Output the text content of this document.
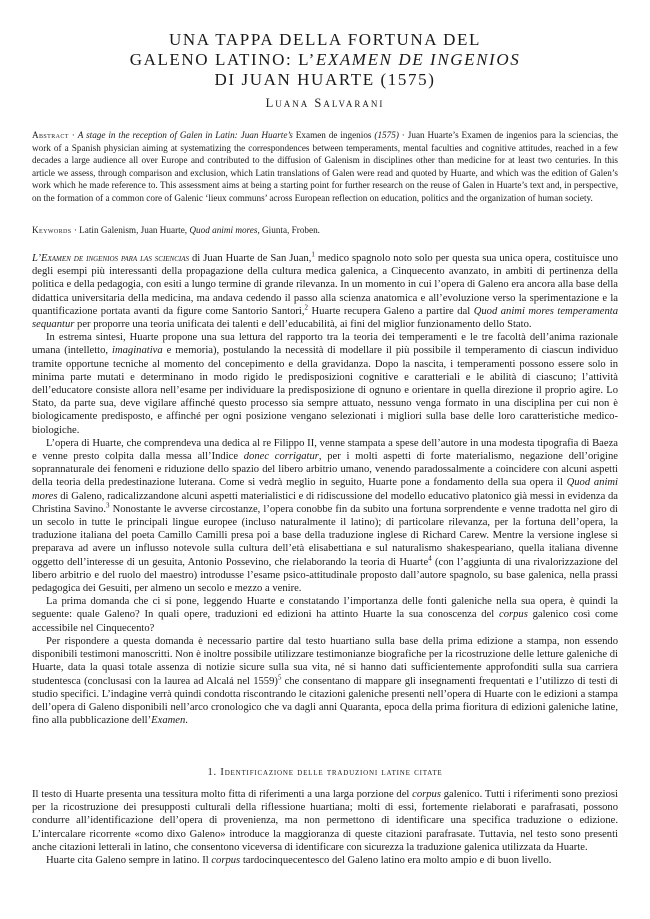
UNA TAPPA DELLA FORTUNA DEL
GALENO LATINO: L’EXAMEN DE INGENIOS
DI JUAN HUARTE (1575)

Luana Salvarani

Abstract · A stage in the reception of Galen in Latin: Juan Huarte’s Examen de ingenios (1575) · Juan Huarte’s Examen de ingenios para la sciencias, the work of a Spanish physician aiming at systematizing the correspondences between temperaments, mental faculties and cognitive attitudes, reached in a few decades a large audience all over Europe and contributed to the diffusion of Galenism in disciplines other than medicine for at least two centuries. In this article we assess, through comparison and exclusion, which Latin translations of Galen were read and quoted by Huarte, and which was the edition of Galen’s work which he made reference to. This assessment aims at being a starting point for further research on the reuse of Galen in Huarte’s text and, in perspective, on the formation of a common core of Galenic ‘lieux communs’ across European reflection on education, politics and the organization of human society.

Keywords · Latin Galenism, Juan Huarte, Quod animi mores, Giunta, Froben.

L’Examen de ingenios para las sciencias di Juan Huarte de San Juan,$^1$ medico spagnolo noto solo per questa sua unica opera, costituisce uno degli esempi più interessanti della propagazione della cultura medica galenica, a Cinquecento avanzato, in ambiti di pertinenza della politica e della pedagogia, con esiti a lungo termine di grande rilevanza. In un momento in cui l’opera di Galeno era ancora alla base della didattica universitaria della medicina, ma andava cedendo il passo alla scienza anatomica e all’evoluzione verso la sperimentazione e la quantificazione portata avanti da figure come Santorio Santori,$^2$ Huarte recupera Galeno a partire dal Quod animi mores temperamenta sequantur per proporre una teoria unificata dei talenti e dell’educabilità, ai fini del miglior funzionamento dello Stato.

In estrema sintesi, Huarte propone una sua lettura del rapporto tra la teoria dei temperamenti e le tre facoltà dell’anima razionale umana (intelletto, imaginativa e memoria), postulando la necessità di modellare il più possibile il temperamento di ciascun individuo tramite opportune tecniche al momento del concepimento e della gravidanza. Dopo la nascita, i temperamenti possono essere solo in minima parte mutati e determinano in modo rigido le predisposizioni cognitive e caratteriali e le abilità di ciascuno; l’attività dell’educatore consiste allora nell’esame per individuare la predisposizione di ognuno e orientare in quella direzione il proprio agire. Lo Stato, da parte sua, deve vigilare affinché questo processo sia sempre attuato, nessuno venga formato in una disciplina per cui non è biologicamente predisposto, e affinché per ogni posizione vengano selezionati i migliori sulla base delle loro caratteristiche medico-biologiche.

L’opera di Huarte, che comprendeva una dedica al re Filippo II, venne stampata a spese dell’autore in una modesta tipografia di Baeza e venne presto colpita dalla messa all’Indice donec corrigatur, per i molti aspetti di forte materialismo, negazione dell’origine soprannaturale dei fenomeni e riduzione dello spazio del libero arbitrio umano, venendo paradossalmente a coincidere con alcuni aspetti della teoria della predestinazione luterana. Come si vedrà meglio in seguito, Huarte pone a fondamento della sua opera il Quod animi mores di Galeno, radicalizzandone alcuni aspetti materialistici e di ridiscussione del modello educativo platonico già messi in evidenza da Christina Savino.$^3$ Nonostante le avverse circostanze, l’opera conobbe fin da subito una fortuna sorprendente e venne tradotta nel giro di un secolo in tutte le principali lingue europee (incluso naturalmente il latino); di particolare rilevanza, per la fortuna dell’opera, la traduzione italiana del poeta Camillo Camilli presa poi a base della traduzione inglese di Richard Carew. Mentre la versione inglese si preparava ad avere un influsso notevole sulla cultura dell’età elisabettiana e sul naturalismo shakespeariano, quella italiana divenne oggetto dell’interesse di un gesuita, Antonio Possevino, che rielaborando la teoria di Huarte$^4$ (con l’aggiunta di una rivalorizzazione del libero arbitrio e del ruolo del maestro) introdusse l’esame psico-attitudinale proposto dall’autore spagnolo, su base galenica, nella prassi pedagogica dei Gesuiti, per almeno un secolo e mezzo a venire.

La prima domanda che ci si pone, leggendo Huarte e constatando l’importanza delle fonti galeniche nella sua opera, è quindi la seguente: quale Galeno? In quali opere, traduzioni ed edizioni ha attinto Huarte la sua conoscenza del corpus galenico così come accessibile nel Cinquecento?

Per rispondere a questa domanda è necessario partire dal testo huartiano sulla base della prima edizione a stampa, non essendo disponibili testimoni manoscritti. Non è inoltre possibile utilizzare testimonianze biografiche per la ricostruzione delle letture galeniche di Huarte, data la quasi totale assenza di notizie sicure sulla sua vita, né si hanno dati sufficientemente approfonditi sulla sua carriera studentesca (conclusasi con la laurea ad Alcalá nel 1559)$^5$ che consentano di mappare gli insegnamenti frequentati e l’utilizzo di testi di studio specifici. L’indagine verrà quindi condotta riscontrando le citazioni galeniche presenti nell’opera di Huarte con le edizioni a stampa dell’opera di Galeno disponibili nell’arco cronologico che va dagli anni Quaranta, epoca della prima fioritura di edizioni galeniche latine, fino alla pubblicazione dell’Examen.

1. Identificazione delle traduzioni latine citate

Il testo di Huarte presenta una tessitura molto fitta di riferimenti a una larga porzione del corpus galenico. Tutti i riferimenti sono preziosi per la ricostruzione dei presupposti culturali della riflessione huartiana; molti di essi, fortemente rielaborati e parafrasati, possono condurre all’identificazione dell’opera di provenienza, ma non permettono di identificare una specifica traduzione o edizione. L’intercalare ricorrente «como dixo Galeno» introduce la maggioranza di queste citazioni parafrasate. Tuttavia, nel testo sono presenti anche citazioni letterali in latino, che consentono viceversa di identificare con sicurezza la traduzione galenica utilizzata da Huarte.

Huarte cita Galeno sempre in latino. Il corpus tardocinquecentesco del Galeno latino era molto ampio e di buon livello.
